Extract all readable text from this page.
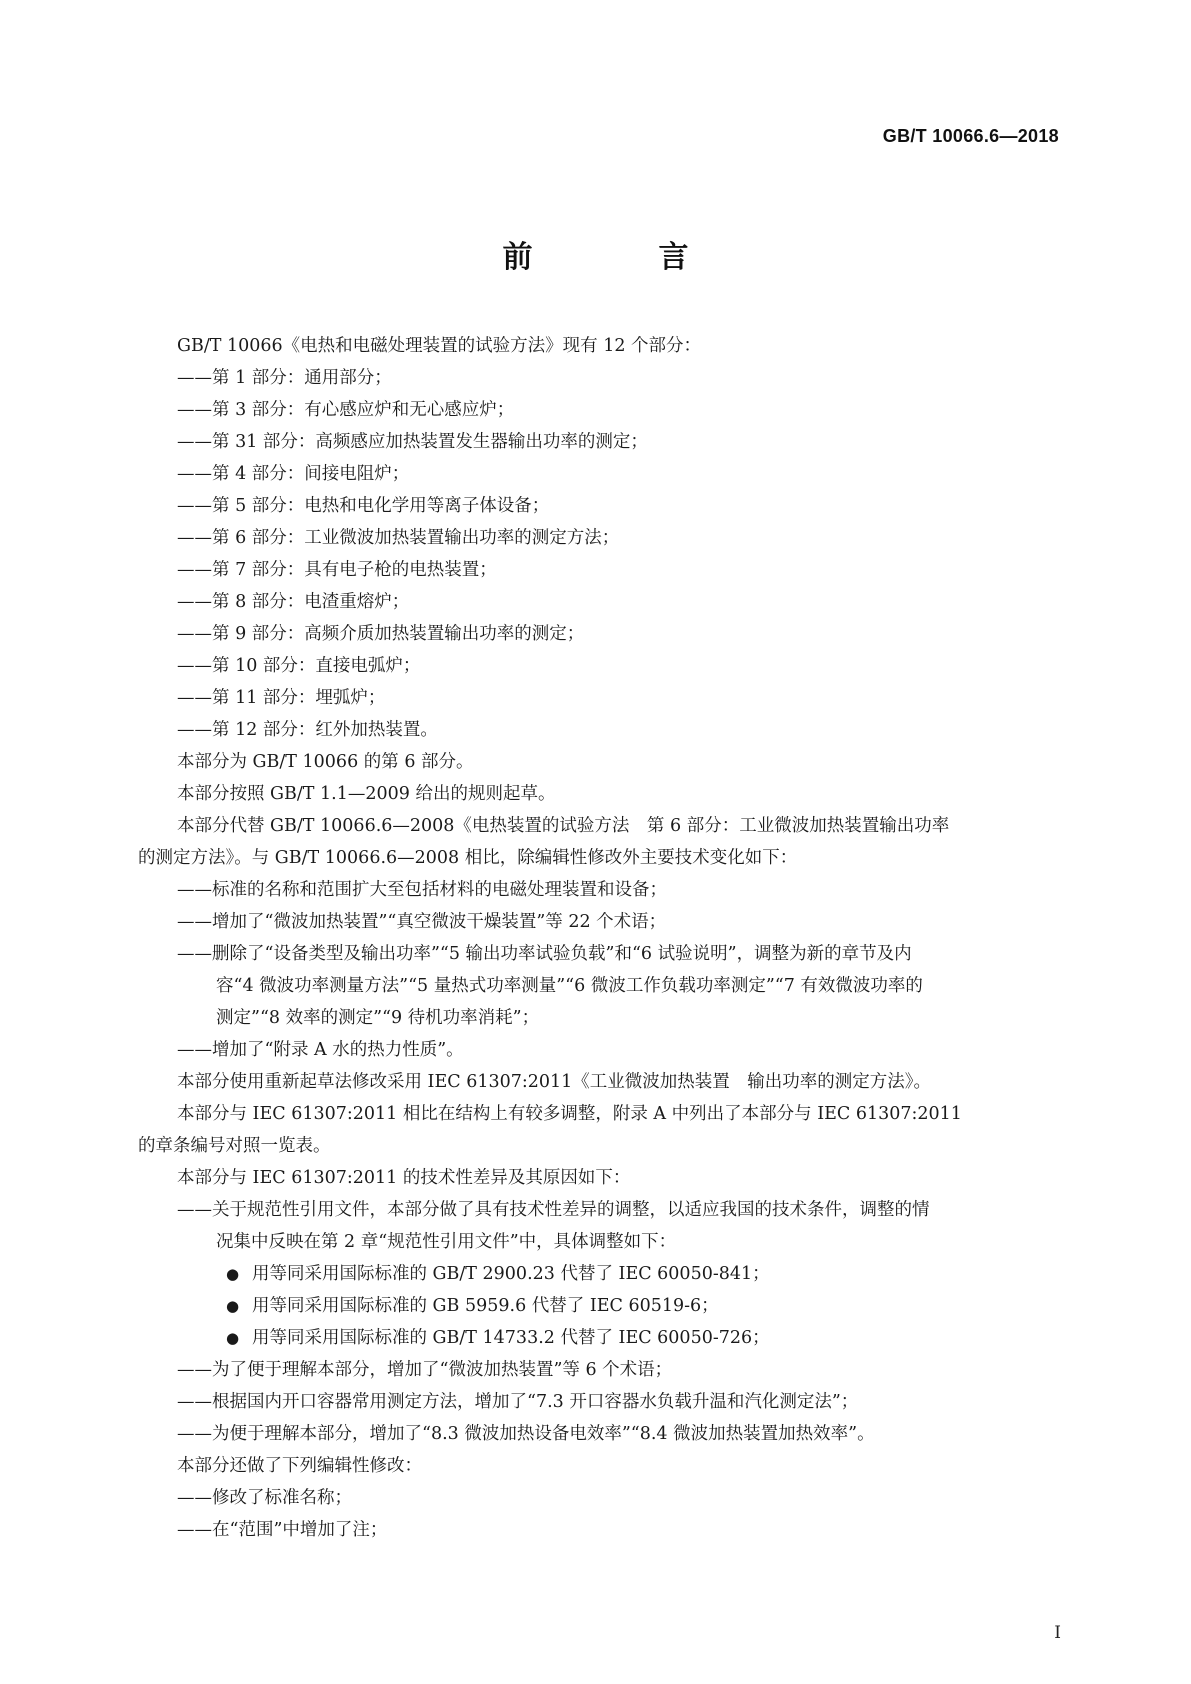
GB/T 10066.6—2018
前　言
GB/T 10066《电热和电磁处理装置的试验方法》现有 12 个部分：
——第 1 部分：通用部分；
——第 3 部分：有心感应炉和无心感应炉；
——第 31 部分：高频感应加热装置发生器输出功率的测定；
——第 4 部分：间接电阻炉；
——第 5 部分：电热和电化学用等离子体设备；
——第 6 部分：工业微波加热装置输出功率的测定方法；
——第 7 部分：具有电子枪的电热装置；
——第 8 部分：电渣重熔炉；
——第 9 部分：高频介质加热装置输出功率的测定；
——第 10 部分：直接电弧炉；
——第 11 部分：埋弧炉；
——第 12 部分：红外加热装置。
本部分为 GB/T 10066 的第 6 部分。
本部分按照 GB/T 1.1—2009 给出的规则起草。
本部分代替 GB/T 10066.6—2008《电热装置的试验方法　第 6 部分：工业微波加热装置输出功率
的测定方法》。与 GB/T 10066.6—2008 相比，除编辑性修改外主要技术变化如下：
——标准的名称和范围扩大至包括材料的电磁处理装置和设备；
——增加了“微波加热装置”“真空微波干燥装置”等 22 个术语；
——删除了“设备类型及输出功率”“5 输出功率试验负载”和“6 试验说明”，调整为新的章节及内
容“4 微波功率测量方法”“5 量热式功率测量”“6 微波工作负载功率测定”“7 有效微波功率的
测定”“8 效率的测定”“9 待机功率消耗”；
——增加了“附录 A 水的热力性质”。
本部分使用重新起草法修改采用 IEC 61307:2011《工业微波加热装置　输出功率的测定方法》。
本部分与 IEC 61307:2011 相比在结构上有较多调整，附录 A 中列出了本部分与 IEC 61307:2011
的章条编号对照一览表。
本部分与 IEC 61307:2011 的技术性差异及其原因如下：
——关于规范性引用文件，本部分做了具有技术性差异的调整，以适应我国的技术条件，调整的情
况集中反映在第 2 章“规范性引用文件”中，具体调整如下：
● 用等同采用国际标准的 GB/T 2900.23 代替了 IEC 60050-841；
● 用等同采用国际标准的 GB 5959.6 代替了 IEC 60519-6；
● 用等同采用国际标准的 GB/T 14733.2 代替了 IEC 60050-726；
——为了便于理解本部分，增加了“微波加热装置”等 6 个术语；
——根据国内开口容器常用测定方法，增加了“7.3 开口容器水负载升温和汽化测定法”；
——为便于理解本部分，增加了“8.3 微波加热设备电效率”“8.4 微波加热装置加热效率”。
本部分还做了下列编辑性修改：
——修改了标准名称；
——在“范围”中增加了注；
I
